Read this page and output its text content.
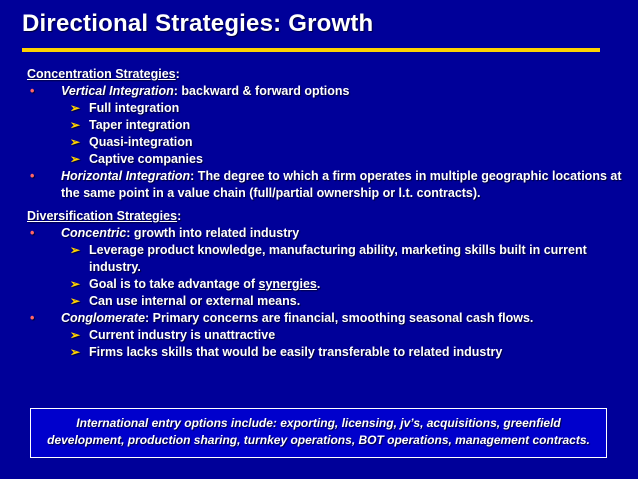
Directional Strategies: Growth

Concentration Strategies:

• Vertical Integration: backward & forward options

➢ Full integration

➢ Taper integration

➢ Quasi-integration

➢ Captive companies

• Horizontal Integration: The degree to which a firm operates in multiple geographic locations at the same point in a value chain (full/partial ownership or l.t. contracts).

Diversification Strategies:

• Concentric: growth into related industry

➢ Leverage product knowledge, manufacturing ability, marketing skills built in current industry.

➢ Goal is to take advantage of synergies.

➢ Can use internal or external means.

• Conglomerate: Primary concerns are financial, smoothing seasonal cash flows.

➢ Current industry is unattractive

➢ Firms lacks skills that would be easily transferable to related industry

International entry options include: exporting, licensing, jv’s, acquisitions, greenfield
development, production sharing, turnkey operations, BOT operations, management contracts.
